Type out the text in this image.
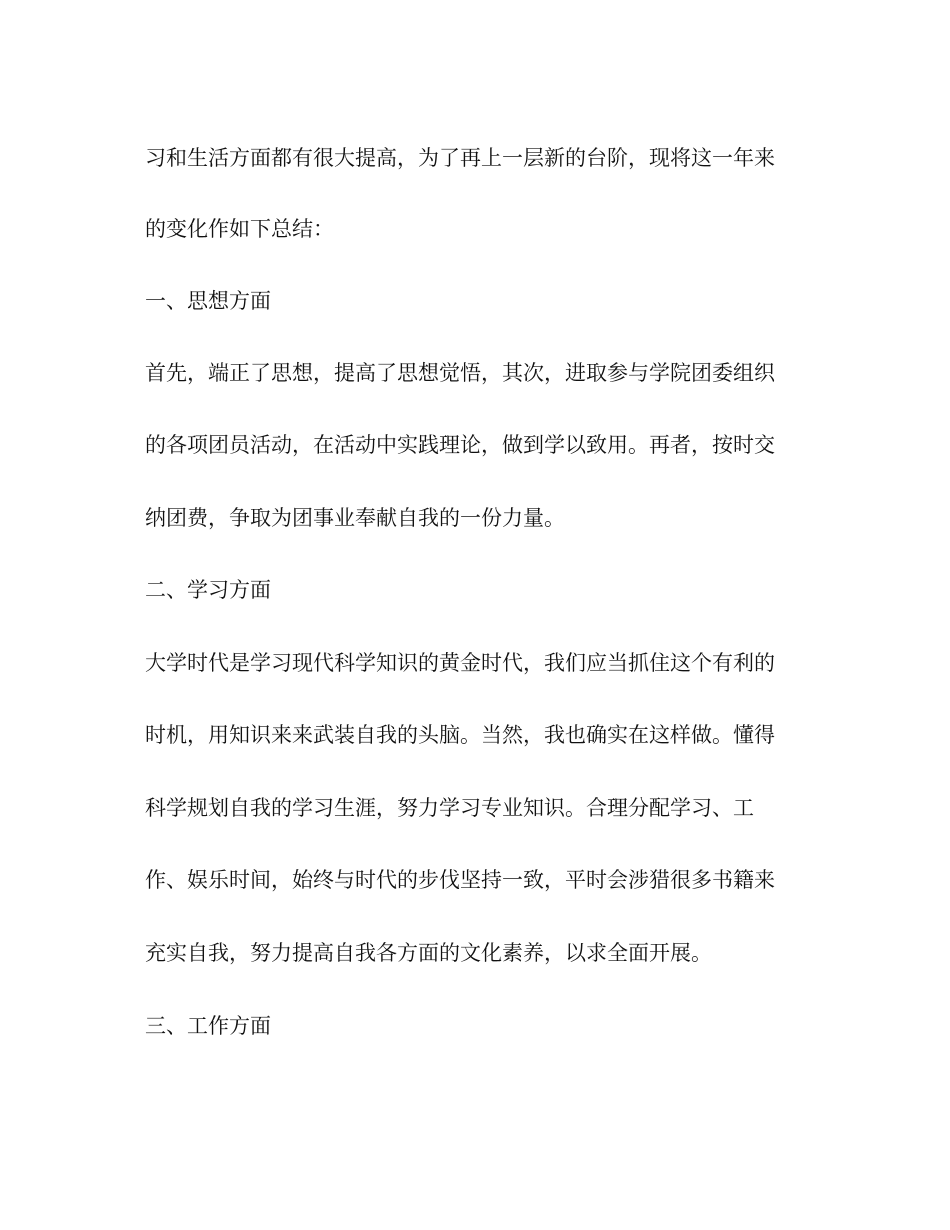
习和生活方面都有很大提高，为了再上一层新的台阶，现将这一年来
的变化作如下总结：
一、思想方面
首先，端正了思想，提高了思想觉悟，其次，进取参与学院团委组织
的各项团员活动，在活动中实践理论，做到学以致用。再者，按时交
纳团费，争取为团事业奉献自我的一份力量。
二、学习方面
大学时代是学习现代科学知识的黄金时代，我们应当抓住这个有利的
时机，用知识来来武装自我的头脑。当然，我也确实在这样做。懂得
科学规划自我的学习生涯，努力学习专业知识。合理分配学习、工
作、娱乐时间，始终与时代的步伐坚持一致，平时会涉猎很多书籍来
充实自我，努力提高自我各方面的文化素养，以求全面开展。
三、工作方面
